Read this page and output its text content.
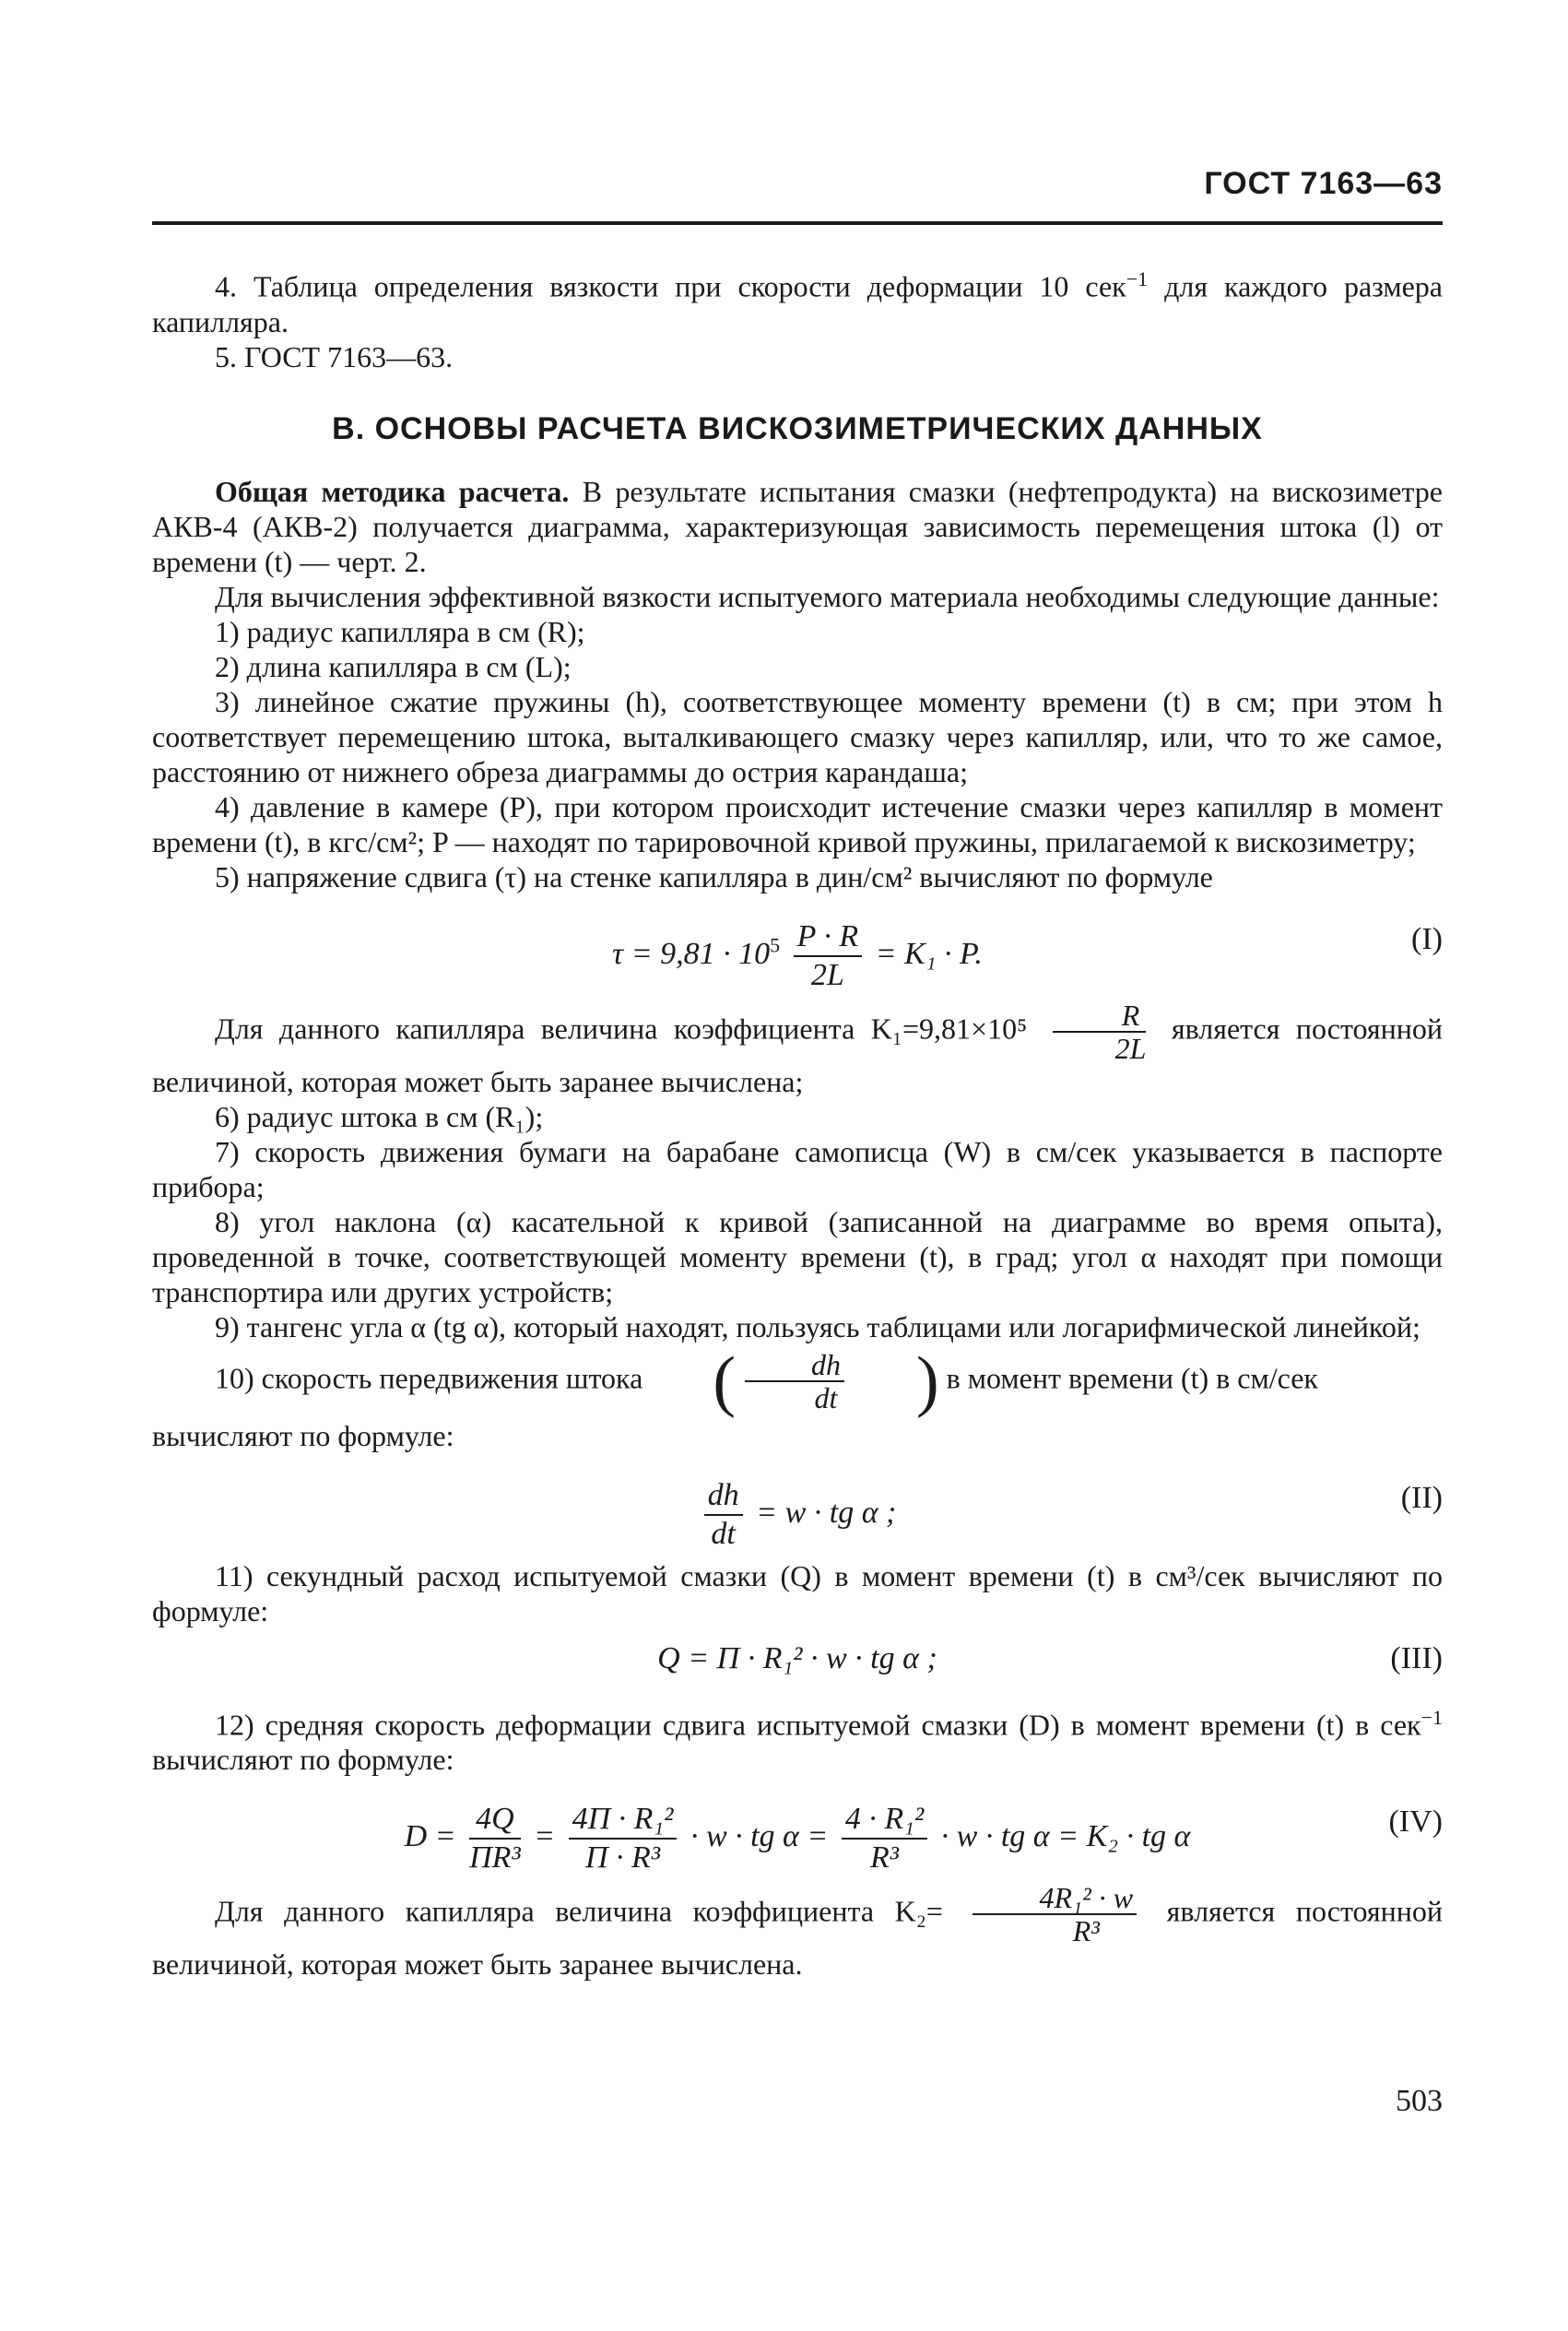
ГОСТ 7163—63

4. Таблица определения вязкости при скорости деформации 10 сек$^{-1}$ для каждого размера капилляра.

5. ГОСТ 7163—63.

В. ОСНОВЫ РАСЧЕТА ВИСКОЗИМЕТРИЧЕСКИХ ДАННЫХ

Общая методика расчета. В результате испытания смазки (нефтепродукта) на вискозиметре АКВ-4 (АКВ-2) получается диаграмма, характеризующая зависимость перемещения штока (l) от времени (t) — черт. 2.

Для вычисления эффективной вязкости испытуемого материала необходимы следующие данные:

1) радиус капилляра в см (R);

2) длина капилляра в см (L);

3) линейное сжатие пружины (h), соответствующее моменту времени (t) в см; при этом h соответствует перемещению штока, выталкивающего смазку через капилляр, или, что то же самое, расстоянию от нижнего обреза диаграммы до острия карандаша;

4) давление в камере (P), при котором происходит истечение смазки через капилляр в момент времени (t), в кгс/см²; P — находят по тарировочной кривой пружины, прилагаемой к вискозиметру;

5) напряжение сдвига (τ) на стенке капилляра в дин/см² вычисляют по формуле

$\tau = 9,81 \cdot 10^5 \frac{P \cdot R}{2L} = K_1 \cdot P$.	(I)

Для данного капилляра величина коэффициента $K_1=9,81\times 10^5 \frac{R}{2L}$ является постоянной величиной, которая может быть заранее вычислена;

6) радиус штока в см (R₁);

7) скорость движения бумаги на барабане самописца (W) в см/сек указывается в паспорте прибора;

8) угол наклона (α) касательной к кривой (записанной на диаграмме во время опыта), проведенной в точке, соответствующей моменту времени (t), в град; угол α находят при помощи транспортира или других устройств;

9) тангенс угла α (tg α), который находят, пользуясь таблицами или логарифмической линейкой;

10) скорость передвижения штока ( $\frac{dh}{dt}$ ) в момент времени (t) в см/сек

вычисляют по формуле:

$\frac{dh}{dt} = w$ · tg α ;	(II)

11) секундный расход испытуемой смазки (Q) в момент времени (t) в см³/сек вычисляют по формуле:

Q = Π · R₁² · w · tg α ;	(III)

12) средняя скорость деформации сдвига испытуемой смазки (D) в момент времени (t) в сек$^{-1}$ вычисляют по формуле:

$D = \frac{4Q}{\text{ΠR³}} = \frac{\text{4Π · R₁²}}{\text{Π · R³}} \cdot w$ · tg $\alpha = \frac{\text{4 · R₁²}}{\text{R³}} \cdot w$ · tg α = K₂ · tg α	(IV)

Для данного капилляра величина коэффициента $K_2= \frac{\text{4R₁² · w}}{\text{R³}}$ является постоянной величиной, которая может быть заранее вычислена.

503
